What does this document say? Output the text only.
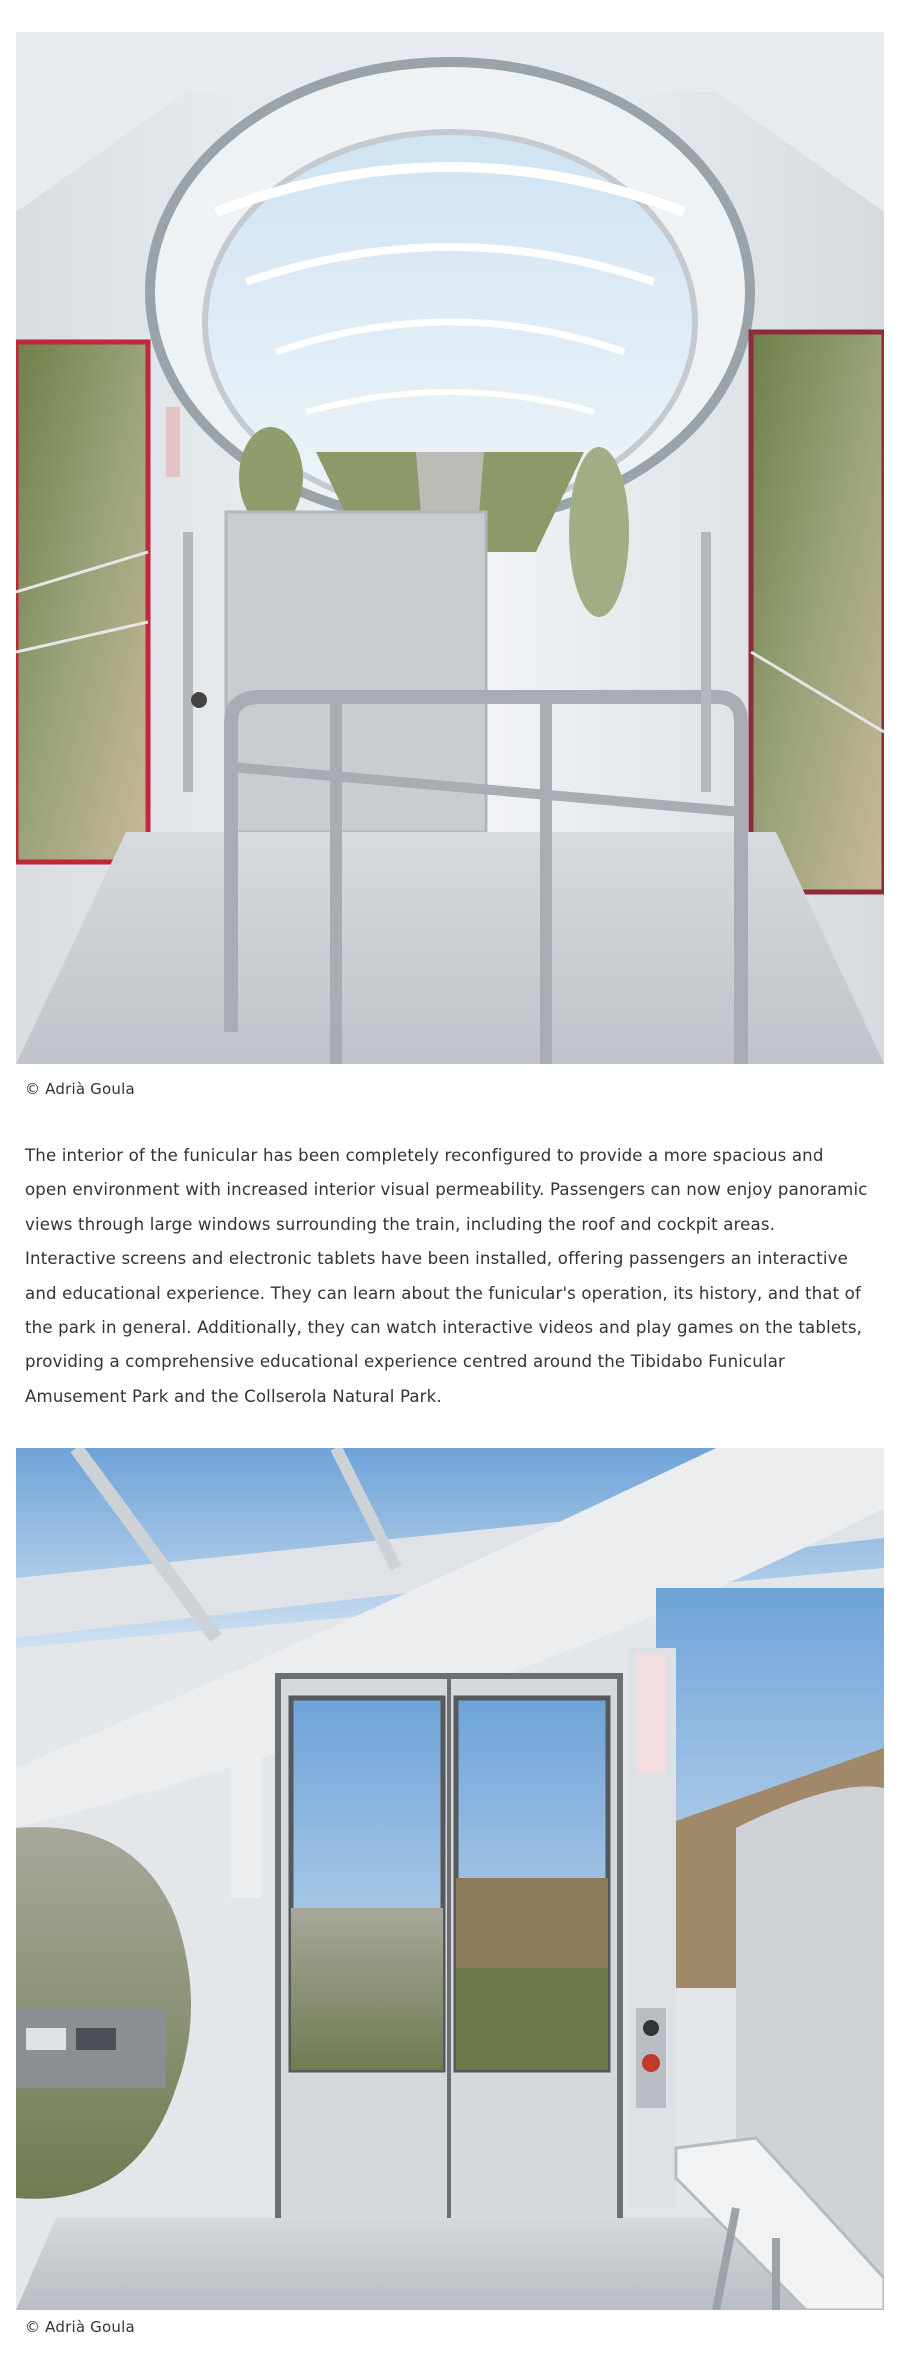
© Adrià Goula

The interior of the funicular has been completely reconfigured to provide a more spacious and open environment with increased interior visual permeability. Passengers can now enjoy panoramic views through large windows surrounding the train, including the roof and cockpit areas. Interactive screens and electronic tablets have been installed, offering passengers an interactive and educational experience. They can learn about the funicular's operation, its history, and that of the park in general. Additionally, they can watch interactive videos and play games on the tablets, providing a comprehensive educational experience centred around the Tibidabo Funicular Amusement Park and the Collserola Natural Park.

© Adrià Goula
